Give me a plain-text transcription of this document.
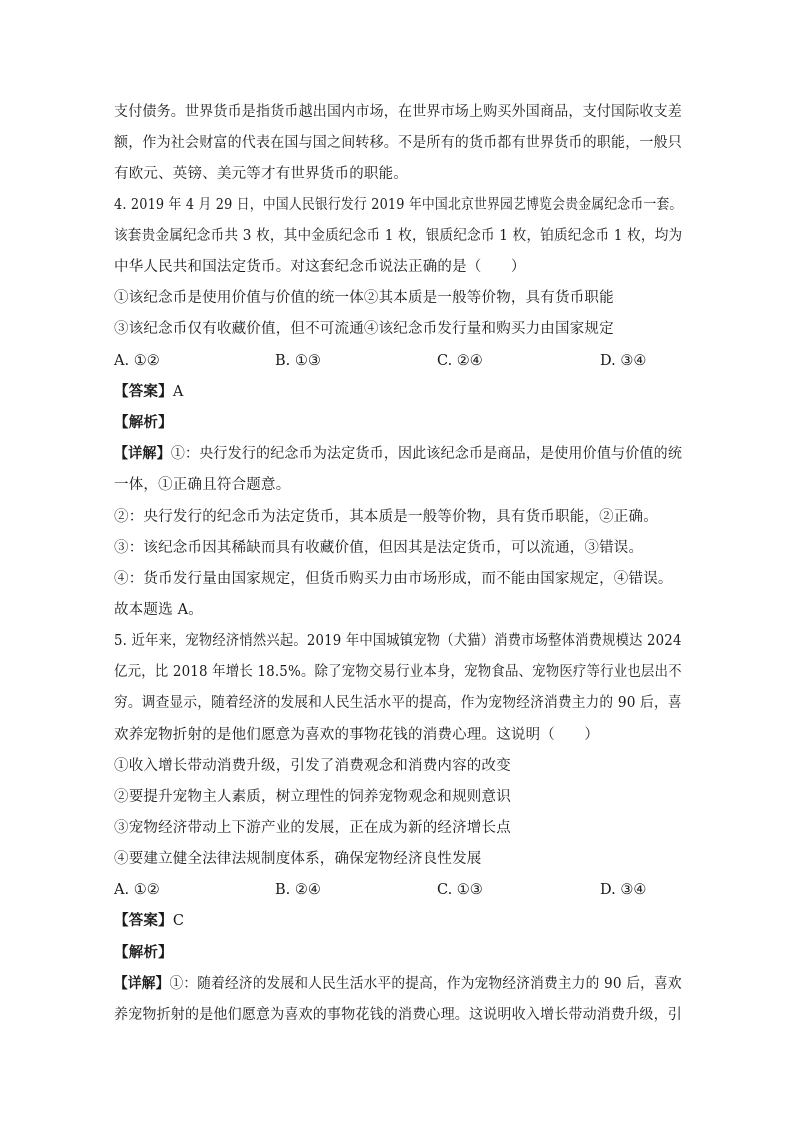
支付债务。世界货币是指货币越出国内市场，在世界市场上购买外国商品，支付国际收支差
额，作为社会财富的代表在国与国之间转移。不是所有的货币都有世界货币的职能，一般只
有欧元、英镑、美元等才有世界货币的职能。
4. 2019 年 4 月 29 日，中国人民银行发行 2019 年中国北京世界园艺博览会贵金属纪念币一套。
该套贵金属纪念币共 3 枚，其中金质纪念币 1 枚，银质纪念币 1 枚，铂质纪念币 1 枚，均为
中华人民共和国法定货币。对这套纪念币说法正确的是（　　）
①该纪念币是使用价值与价值的统一体②其本质是一般等价物，具有货币职能
③该纪念币仅有收藏价值，但不可流通④该纪念币发行量和购买力由国家规定
A. ①②	B. ①③	C. ②④	D. ③④
【答案】A
【解析】
【详解】①：央行发行的纪念币为法定货币，因此该纪念币是商品，是使用价值与价值的统
一体，①正确且符合题意。
②：央行发行的纪念币为法定货币，其本质是一般等价物，具有货币职能，②正确。
③：该纪念币因其稀缺而具有收藏价值，但因其是法定货币，可以流通，③错误。
④：货币发行量由国家规定，但货币购买力由市场形成，而不能由国家规定，④错误。
故本题选 A。
5. 近年来，宠物经济悄然兴起。2019 年中国城镇宠物（犬猫）消费市场整体消费规模达 2024
亿元，比 2018 年增长 18.5%。除了宠物交易行业本身，宠物食品、宠物医疗等行业也层出不
穷。调查显示，随着经济的发展和人民生活水平的提高，作为宠物经济消费主力的 90 后，喜
欢养宠物折射的是他们愿意为喜欢的事物花钱的消费心理。这说明（　　）
①收入增长带动消费升级，引发了消费观念和消费内容的改变
②要提升宠物主人素质，树立理性的饲养宠物观念和规则意识
③宠物经济带动上下游产业的发展，正在成为新的经济增长点
④要建立健全法律法规制度体系，确保宠物经济良性发展
A. ①②	B. ②④	C. ①③	D. ③④
【答案】C
【解析】
【详解】①：随着经济的发展和人民生活水平的提高，作为宠物经济消费主力的 90 后，喜欢
养宠物折射的是他们愿意为喜欢的事物花钱的消费心理。这说明收入增长带动消费升级，引
